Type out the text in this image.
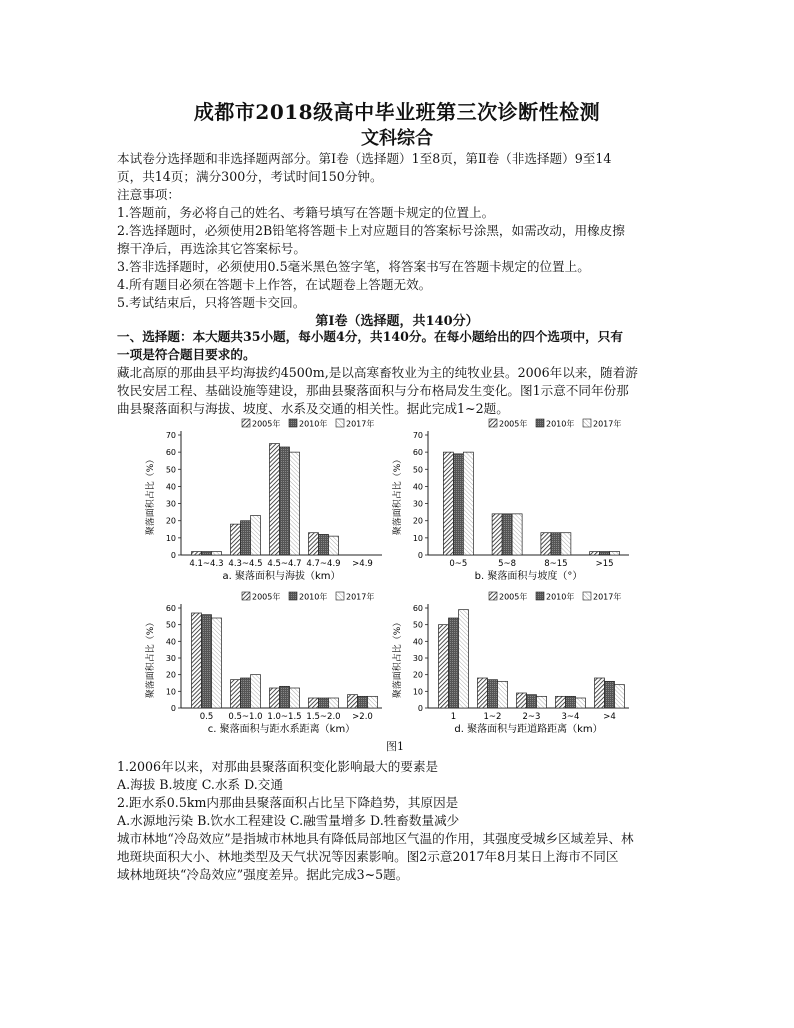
成都市2018级高中毕业班第三次诊断性检测
文科综合
本试卷分选择题和非选择题两部分。第Ⅰ卷（选择题）1至8页，第Ⅱ卷（非选择题）9至14
页，共14页；满分300分，考试时间150分钟。
注意事项：
1.答题前，务必将自己的姓名、考籍号填写在答题卡规定的位置上。
2.答选择题时，必须使用2B铅笔将答题卡上对应题目的答案标号涂黑，如需改动，用橡皮擦
擦干净后，再选涂其它答案标号。
3.答非选择题时，必须使用0.5毫米黑色签字笔，将答案书写在答题卡规定的位置上。
4.所有题目必须在答题卡上作答，在试题卷上答题无效。
5.考试结束后，只将答题卡交回。
第Ⅰ卷（选择题，共140分）
一、选择题：本大题共35小题，每小题4分，共140分。在每小题给出的四个选项中，只有
一项是符合题目要求的。
藏北高原的那曲县平均海拔约4500m,是以高寒畜牧业为主的纯牧业县。2006年以来，随着游
牧民安居工程、基础设施等建设，那曲县聚落面积与分布格局发生变化。图1示意不同年份那
曲县聚落面积与海拔、坡度、水系及交通的相关性。据此完成1~2题。
聚落面积占比（%）
0
10
20
30
40
50
60
70
2005年 2010年 2017年
4.1~4.3 4.3~4.5 4.5~4.7 4.7~4.9 >4.9
a. 聚落面积与海拔（km）
聚落面积占比（%）
0
10
20
30
40
50
60
70
2005年 2010年 2017年
0~5	5~8	8~15	>15
b. 聚落面积与坡度（°）
聚落面积占比（%）
0
10
20
30
40
50
60
2005年 2010年 2017年
0.5 0.5~1.0 1.0~1.5 1.5~2.0 >2.0
c. 聚落面积与距水系距离（km）
聚落面积占比（%）
0
10
20
30
40
50
60
2005年 2010年 2017年
1	1~2 2~3 3~4	>4
d. 聚落面积与距道路距离（km）
图1
1.2006年以来，对那曲县聚落面积变化影响最大的要素是
A.海拔 B.坡度 C.水系 D.交通
2.距水系0.5km内那曲县聚落面积占比呈下降趋势，其原因是
A.水源地污染 B.饮水工程建设 C.融雪量增多 D.牲畜数量减少
城市林地“冷岛效应”是指城市林地具有降低局部地区气温的作用，其强度受城乡区域差异、林
地斑块面积大小、林地类型及天气状况等因素影响。图2示意2017年8月某日上海市不同区
域林地斑块“冷岛效应”强度差异。据此完成3~5题。
